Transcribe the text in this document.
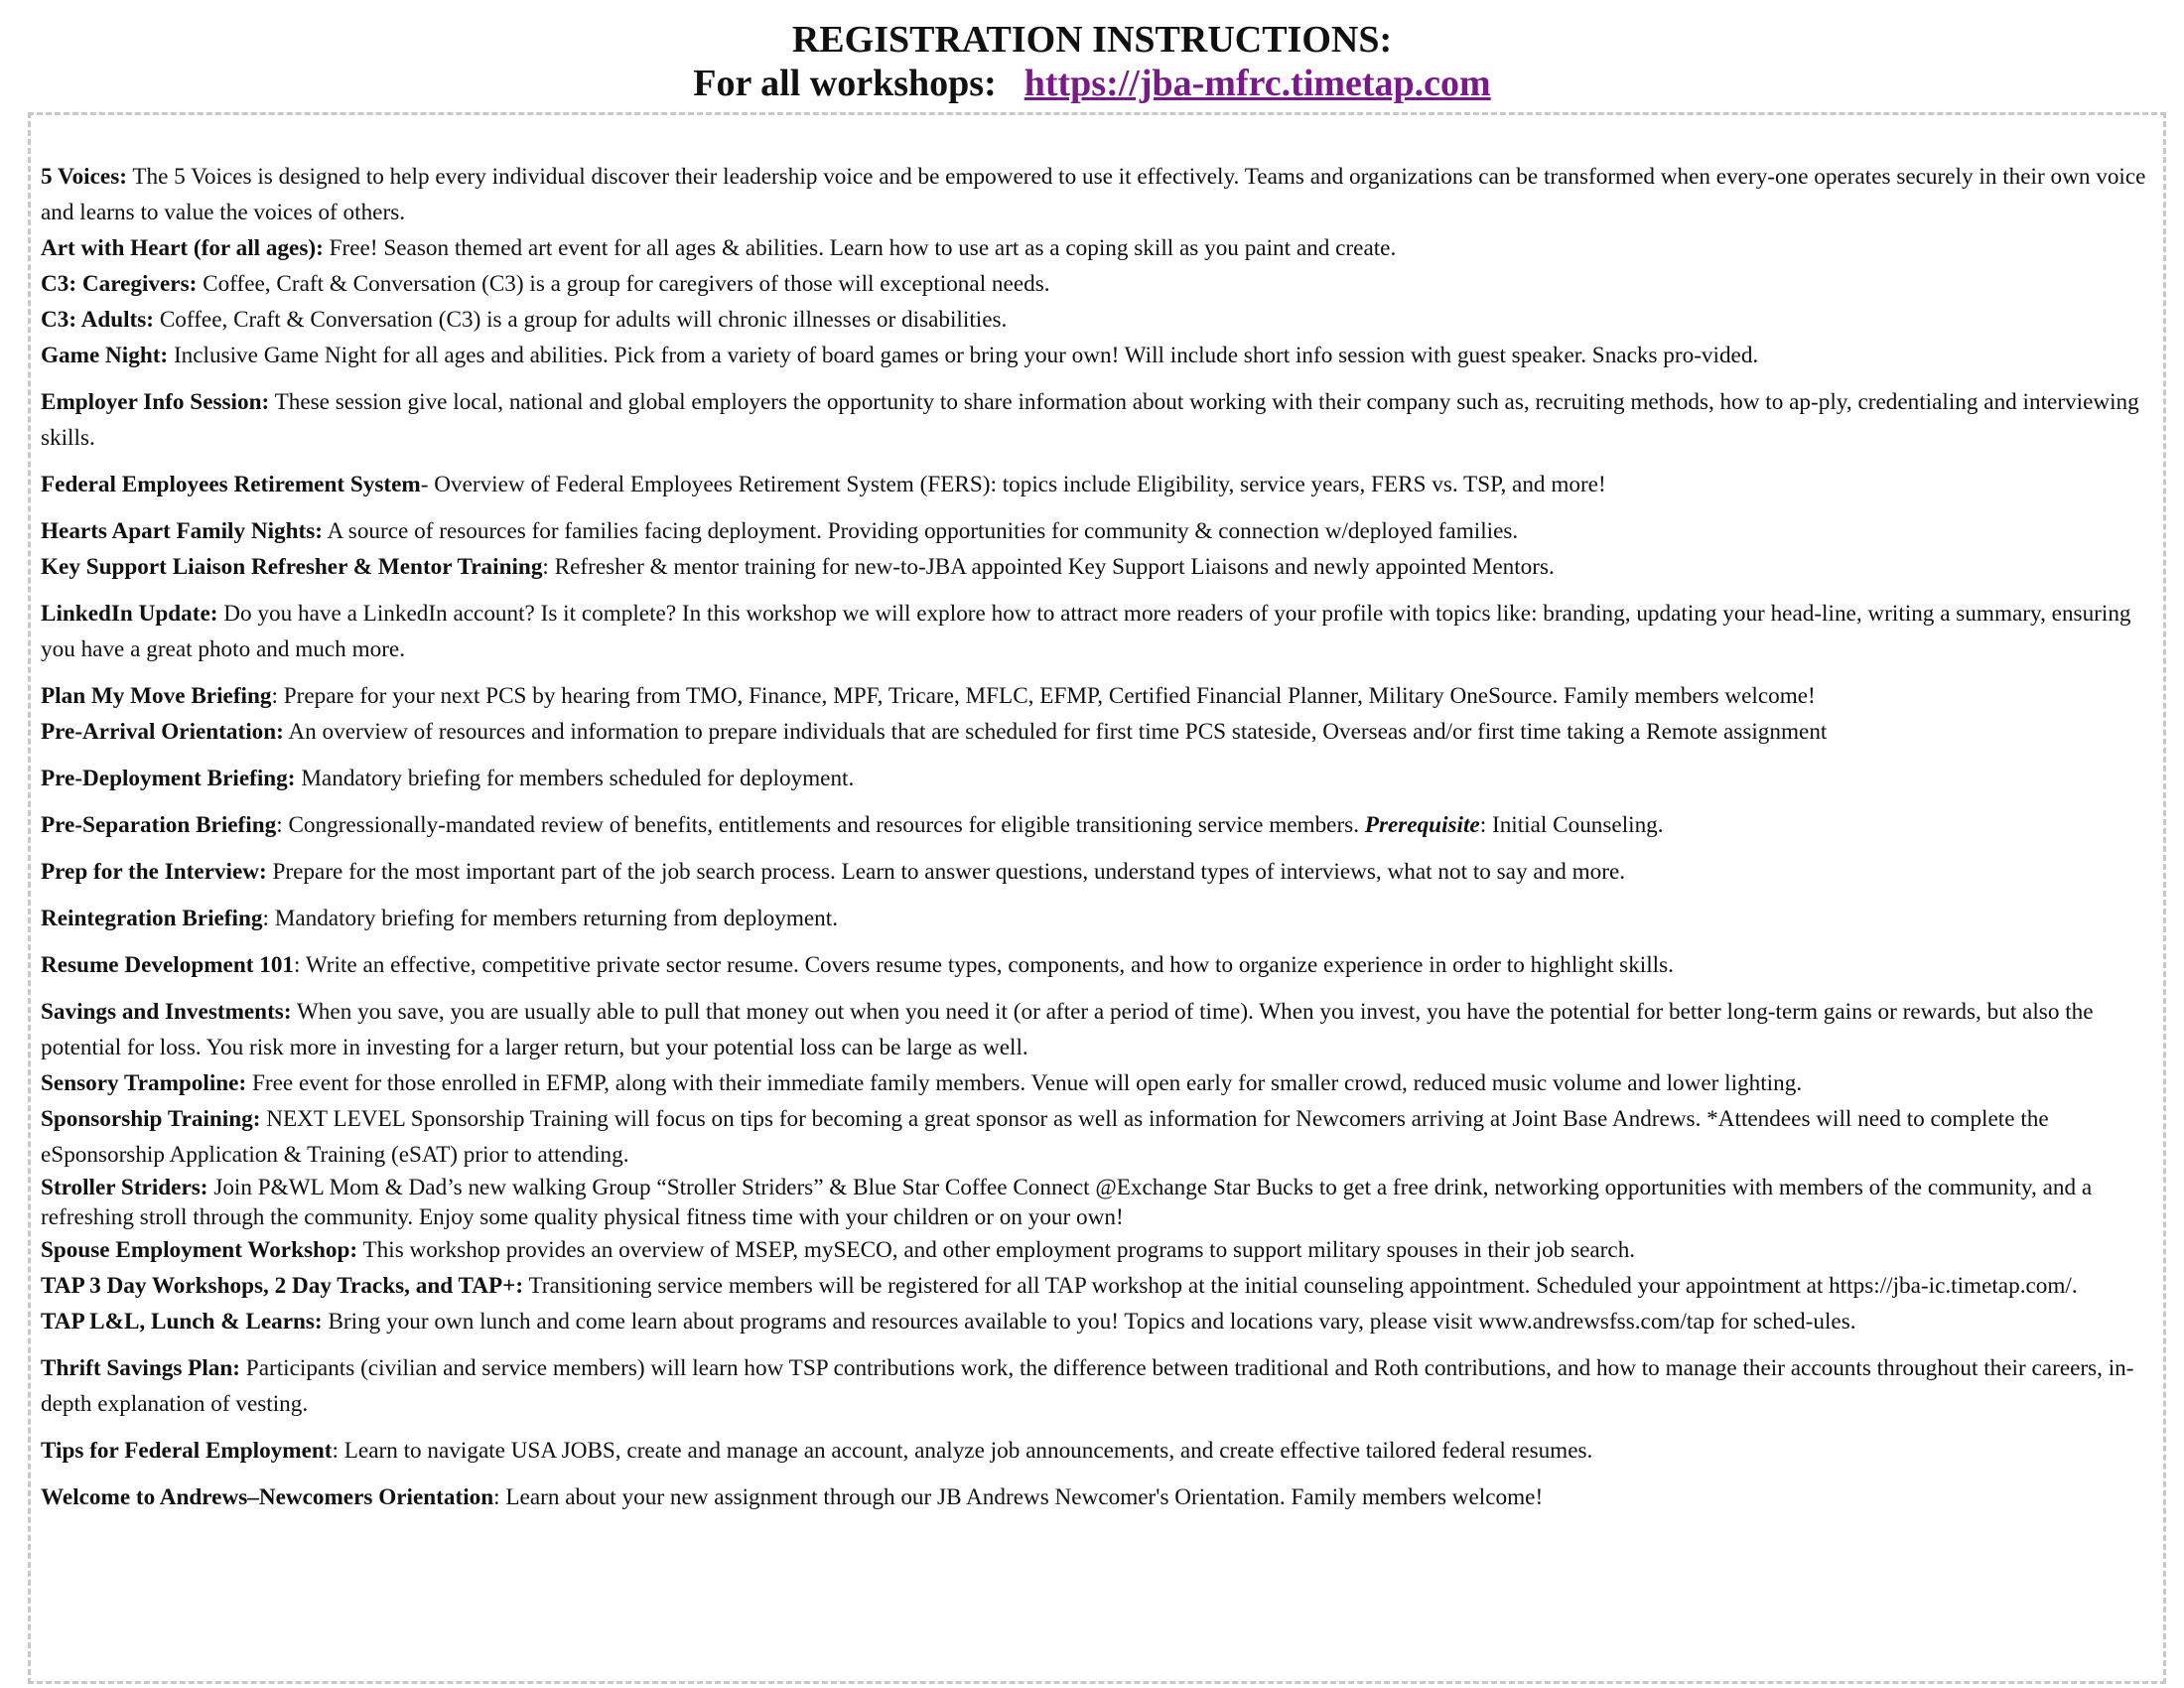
REGISTRATION INSTRUCTIONS:
For all workshops: https://jba-mfrc.timetap.com

5 Voices: The 5 Voices is designed to help every individual discover their leadership voice and be empowered to use it effectively. Teams and organizations can be transformed when every-one operates securely in their own voice and learns to value the voices of others.

Art with Heart (for all ages): Free! Season themed art event for all ages & abilities. Learn how to use art as a coping skill as you paint and create.

C3: Caregivers: Coffee, Craft & Conversation (C3) is a group for caregivers of those will exceptional needs.

C3: Adults: Coffee, Craft & Conversation (C3) is a group for adults will chronic illnesses or disabilities.

Game Night: Inclusive Game Night for all ages and abilities. Pick from a variety of board games or bring your own! Will include short info session with guest speaker. Snacks pro-vided.

Employer Info Session: These session give local, national and global employers the opportunity to share information about working with their company such as, recruiting methods, how to ap-ply, credentialing and interviewing skills.

Federal Employees Retirement System- Overview of Federal Employees Retirement System (FERS): topics include Eligibility, service years, FERS vs. TSP, and more!

Hearts Apart Family Nights: A source of resources for families facing deployment. Providing opportunities for community & connection w/deployed families.

Key Support Liaison Refresher & Mentor Training: Refresher & mentor training for new-to-JBA appointed Key Support Liaisons and newly appointed Mentors.

LinkedIn Update: Do you have a LinkedIn account? Is it complete? In this workshop we will explore how to attract more readers of your profile with topics like: branding, updating your head-line, writing a summary, ensuring you have a great photo and much more.

Plan My Move Briefing: Prepare for your next PCS by hearing from TMO, Finance, MPF, Tricare, MFLC, EFMP, Certified Financial Planner, Military OneSource. Family members welcome!

Pre-Arrival Orientation: An overview of resources and information to prepare individuals that are scheduled for first time PCS stateside, Overseas and/or first time taking a Remote assignment

Pre-Deployment Briefing: Mandatory briefing for members scheduled for deployment.

Pre-Separation Briefing: Congressionally-mandated review of benefits, entitlements and resources for eligible transitioning service members. Prerequisite: Initial Counseling.

Prep for the Interview: Prepare for the most important part of the job search process. Learn to answer questions, understand types of interviews, what not to say and more.

Reintegration Briefing: Mandatory briefing for members returning from deployment.

Resume Development 101: Write an effective, competitive private sector resume. Covers resume types, components, and how to organize experience in order to highlight skills.

Savings and Investments: When you save, you are usually able to pull that money out when you need it (or after a period of time). When you invest, you have the potential for better long-term gains or rewards, but also the potential for loss. You risk more in investing for a larger return, but your potential loss can be large as well.

Sensory Trampoline: Free event for those enrolled in EFMP, along with their immediate family members. Venue will open early for smaller crowd, reduced music volume and lower lighting.

Sponsorship Training: NEXT LEVEL Sponsorship Training will focus on tips for becoming a great sponsor as well as information for Newcomers arriving at Joint Base Andrews. *Attendees will need to complete the eSponsorship Application & Training (eSAT) prior to attending.

Stroller Striders: Join P&WL Mom & Dad’s new walking Group “Stroller Striders” & Blue Star Coffee Connect @Exchange Star Bucks to get a free drink, networking opportunities with members of the community, and a refreshing stroll through the community. Enjoy some quality physical fitness time with your children or on your own!

Spouse Employment Workshop: This workshop provides an overview of MSEP, mySECO, and other employment programs to support military spouses in their job search.

TAP 3 Day Workshops, 2 Day Tracks, and TAP+: Transitioning service members will be registered for all TAP workshop at the initial counseling appointment. Scheduled your appointment at https://jba-ic.timetap.com/.

TAP L&L, Lunch & Learns: Bring your own lunch and come learn about programs and resources available to you! Topics and locations vary, please visit www.andrewsfss.com/tap for sched-ules.

Thrift Savings Plan: Participants (civilian and service members) will learn how TSP contributions work, the difference between traditional and Roth contributions, and how to manage their accounts throughout their careers, in-depth explanation of vesting.

Tips for Federal Employment: Learn to navigate USA JOBS, create and manage an account, analyze job announcements, and create effective tailored federal resumes.

Welcome to Andrews–Newcomers Orientation: Learn about your new assignment through our JB Andrews Newcomer's Orientation. Family members welcome!
